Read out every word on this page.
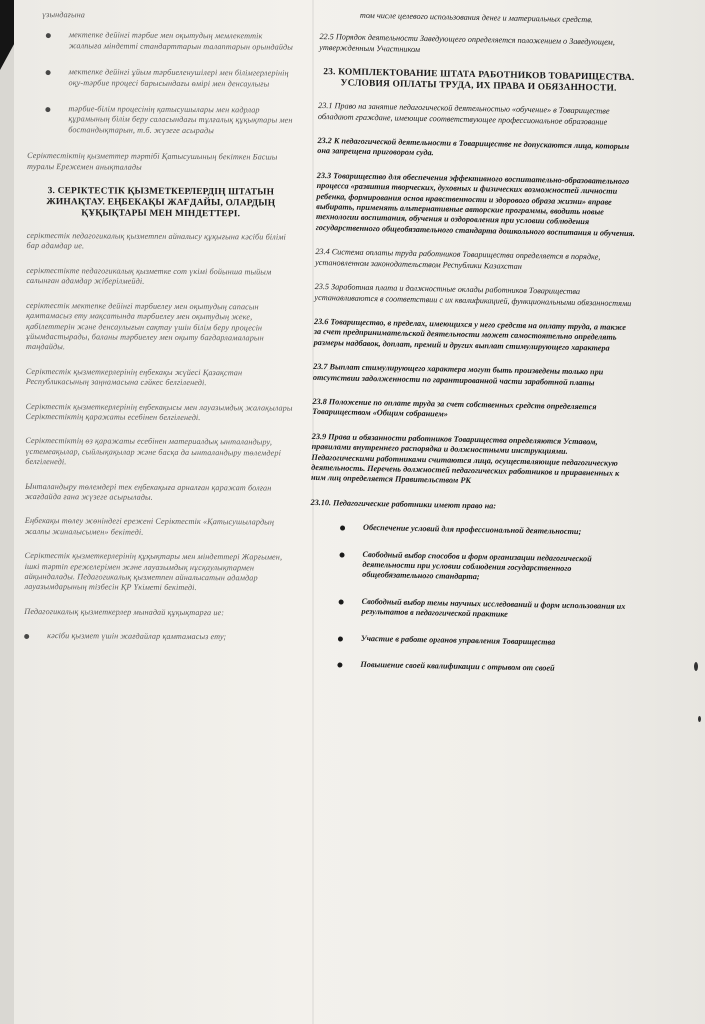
үзындағына
мектепке дейінгі тәрбие мен оқытудың мемлекеттік жалпыға міндетті стандарттарын талаптарын орындайды
мектепке дейінгі ұйым тәрбиеленушілері мен білімгерлерінің оқу-тәрбие процесі барысындағы өмірі мен денсаулығы
тәрбие-білім процесінің қатысушылары мен кадрлар құрамының білім беру саласындағы тұлғалық құқықтары мен бостандықтарын, т.б. жүзеге асырады
Серіктестіктің қызметтер тәртібі Қатысушының бекіткен Басшы туралы Ережемен анықталады
3. СЕРІКТЕСТІК ҚЫЗМЕТКЕРЛЕРДІҢ ШТАТЫН ЖИНАҚТАУ. ЕҢБЕКАҚЫ ЖАҒДАЙЫ, ОЛАРДЫҢ ҚҰҚЫҚТАРЫ МЕН МІНДЕТТЕРІ.
серіктестік педагогикалық қызметпен айналысу құқығына кәсіби білімі бар адамдар ие.
серіктестікте педагогикалық қызметке сот үкімі бойынша тыйым салынған адамдар жіберілмейді.
серіктестік мектепке дейінгі тәрбиелеу мен оқытудың сапасын қамтамасыз ету мақсатында тәрбиелеу мен оқытудың жеке, қабілеттерін және денсаулығын сақтау үшін білім беру процесін ұйымдастырады, баланы тәрбиелеу мен оқыту бағдарламаларын таңдайды.
Серіктестік қызметкерлерінің еңбекақы жүйесі Қазақстан Республикасының заңнамасына сәйкес белгіленеді.
Серіктестік қызметкерлерінің еңбекақысы мен лауазымдық жалақылары Серіктестіктің қаражаты есебінен белгіленеді.
Серіктестіктің өз қаражаты есебінен материалдық ынталандыру, үстемеақылар, сыйлықақылар және басқа да ынталандыру төлемдері белгіленеді.
Ынталандыру төлемдері тек еңбекақыға арналған қаражат болған жағдайда ғана жүзеге асырылады.
Еңбекақы төлеу жөніндегі ережені Серіктестік «Қатысушылардың жалпы жиналысымен» бекітеді.
Серіктестік қызметкерлерінің құқықтары мен міндеттері Жарғымен, ішкі тәртіп ережелерімен және лауазымдық нұсқаулықтармен айқындалады. Педагогикалық қызметпен айналысатын адамдар лауазымдарының тізбесін ҚР Үкіметі бекітеді.
Педагогикалық қызметкерлер мынадай құқықтарға ие:
кәсіби қызмет үшін жағдайлар қамтамасыз ету;
том числе целевого использования денег и материальных средств.
22.5 Порядок деятельности Заведующего определяется положением о Заведующем, утвержденным Участником
23. КОМПЛЕКТОВАНИЕ ШТАТА РАБОТНИКОВ ТОВАРИЩЕСТВА. УСЛОВИЯ ОПЛАТЫ ТРУДА, ИХ ПРАВА И ОБЯЗАННОСТИ.
23.1 Право на занятие педагогической деятельностью «обучение» в Товариществе обладают граждане, имеющие соответствующее профессиональное образование
23.2 К педагогической деятельности в Товариществе не допускаются лица, которым она запрещена приговором суда.
23.3 Товарищество для обеспечения эффективного воспитательно-образовательного процесса «развития творческих, духовных и физических возможностей личности ребенка, формирования основ нравственности и здорового образа жизни» вправе выбирать, применять альтернативные авторские программы, вводить новые технологии воспитания, обучения и оздоровления при условии соблюдения государственного общеобязательного стандарта дошкольного воспитания и обучения.
23.4 Система оплаты труда работников Товарищества определяется в порядке, установленном законодательством Республики Казахстан
23.5 Заработная плата и должностные оклады работников Товарищества устанавливаются в соответствии с их квалификацией, функциональными обязанностями
23.6 Товарищество, в пределах, имеющихся у него средств на оплату труда, а также за счет предпринимательской деятельности может самостоятельно определять размеры надбавок, доплат, премий и других выплат стимулирующего характера
23.7 Выплат стимулирующего характера могут быть произведены только при отсутствии задолженности по гарантированной части заработной платы
23.8 Положение по оплате труда за счет собственных средств определяется Товариществом «Общим собранием»
23.9 Права и обязанности работников Товарищества определяются Уставом, правилами внутреннего распорядка и должностными инструкциями. Педагогическими работниками считаются лица, осуществляющие педагогическую деятельность. Перечень должностей педагогических работников и приравненных к ним лиц определяется Правительством РК
23.10. Педагогические работники имеют право на:
Обеспечение условий для профессиональной деятельности;
Свободный выбор способов и форм организации педагогической деятельности при условии соблюдения государственного общеобязательного стандарта;
Свободный выбор темы научных исследований и форм использования их результатов в педагогической практике
Участие в работе органов управления Товарищества
Повышение своей квалификации с отрывом от своей
